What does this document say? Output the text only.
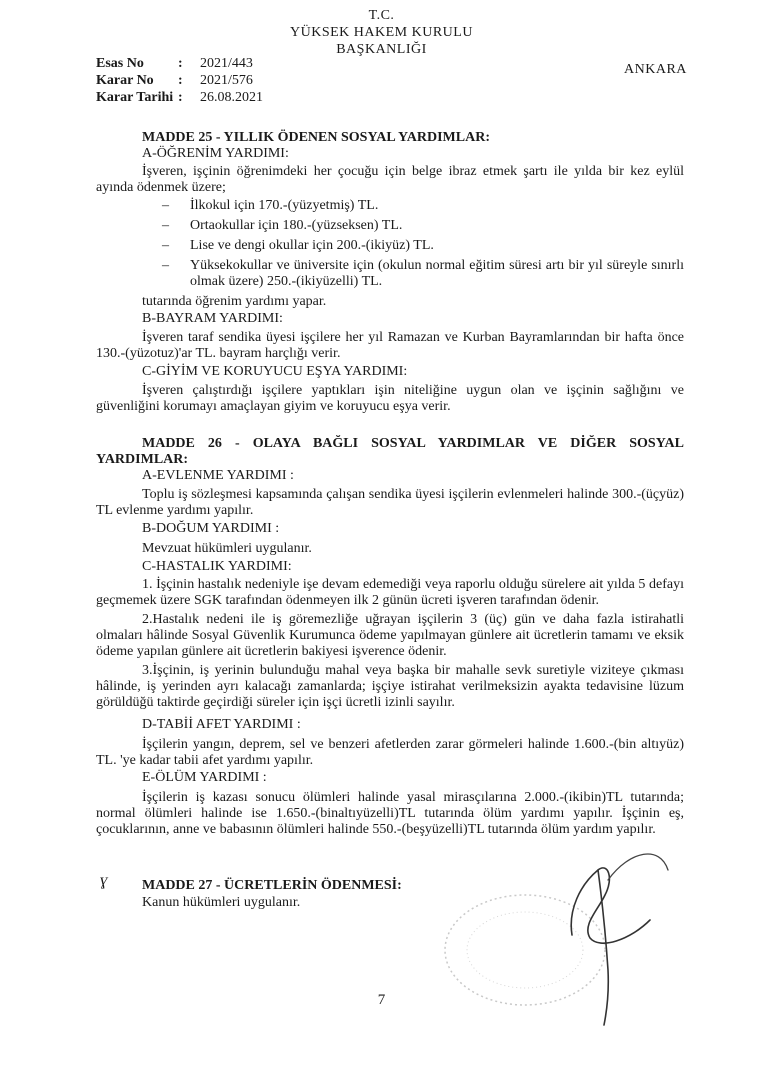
T.C.
YÜKSEK HAKEM KURULU
BAŞKANLIĞI
Esas No	:	2021/443
Karar No	:	2021/576
Karar Tarihi :	26.08.2021
ANKARA
MADDE 25 - YILLIK ÖDENEN SOSYAL YARDIMLAR:
A-ÖĞRENİM YARDIMI:
İşveren, işçinin öğrenimdeki her çocuğu için belge ibraz etmek şartı ile yılda bir kez eylül ayında ödenmek üzere;
– İlkokul için 170.-(yüzyetmiş) TL.
– Ortaokullar için 180.-(yüzseksen) TL.
– Lise ve dengi okullar için 200.-(ikiyüz) TL.
– Yüksekokullar ve üniversite için (okulun normal eğitim süresi artı bir yıl süreyle sınırlı olmak üzere) 250.-(ikiyüzelli) TL.
tutarında öğrenim yardımı yapar.
B-BAYRAM YARDIMI:
İşveren taraf sendika üyesi işçilere her yıl Ramazan ve Kurban Bayramlarından bir hafta önce 130.-(yüzotuz)'ar TL. bayram harçlığı verir.
C-GİYİM VE KORUYUCU EŞYA YARDIMI:
İşveren çalıştırdığı işçilere yaptıkları işin niteliğine uygun olan ve işçinin sağlığını ve güvenliğini korumayı amaçlayan giyim ve koruyucu eşya verir.
MADDE 26 - OLAYA BAĞLI SOSYAL YARDIMLAR VE DİĞER SOSYAL YARDIMLAR:
A-EVLENME YARDIMI :
Toplu iş sözleşmesi kapsamında çalışan sendika üyesi işçilerin evlenmeleri halinde 300.-(üçyüz) TL evlenme yardımı yapılır.
B-DOĞUM YARDIMI :
Mevzuat hükümleri uygulanır.
C-HASTALIK YARDIMI:
1. İşçinin hastalık nedeniyle işe devam edemediği veya raporlu olduğu sürelere ait yılda 5 defayı geçmemek üzere SGK tarafından ödenmeyen ilk 2 günün ücreti işveren tarafından ödenir.
2.Hastalık nedeni ile iş göremezliğe uğrayan işçilerin 3 (üç) gün ve daha fazla istirahatli olmaları hâlinde Sosyal Güvenlik Kurumunca ödeme yapılmayan günlere ait ücretlerin tamamı ve eksik ödeme yapılan günlere ait ücretlerin bakiyesi işverence ödenir.
3.İşçinin, iş yerinin bulunduğu mahal veya başka bir mahalle sevk suretiyle viziteye çıkması hâlinde, iş yerinden ayrı kalacağı zamanlarda; işçiye istirahat verilmeksizin ayakta tedavisine lüzum görüldüğü taktirde geçirdiği süreler için işçi ücretli izinli sayılır.
D-TABİİ AFET YARDIMI :
İşçilerin yangın, deprem, sel ve benzeri afetlerden zarar görmeleri halinde 1.600.-(bin altıyüz) TL. 'ye kadar tabii afet yardımı yapılır.
E-ÖLÜM YARDIMI :
İşçilerin iş kazası sonucu ölümleri halinde yasal mirasçılarına 2.000.-(ikibin)TL tutarında; normal ölümleri halinde ise 1.650.-(binaltıyüzelli)TL tutarında ölüm yardımı yapılır. İşçinin eş, çocuklarının, anne ve babasının ölümleri halinde 550.-(beşyüzelli)TL tutarında ölüm yardım yapılır.
ɣ MADDE 27 - ÜCRETLERİN ÖDENMESİ:
Kanun hükümleri uygulanır.
7
